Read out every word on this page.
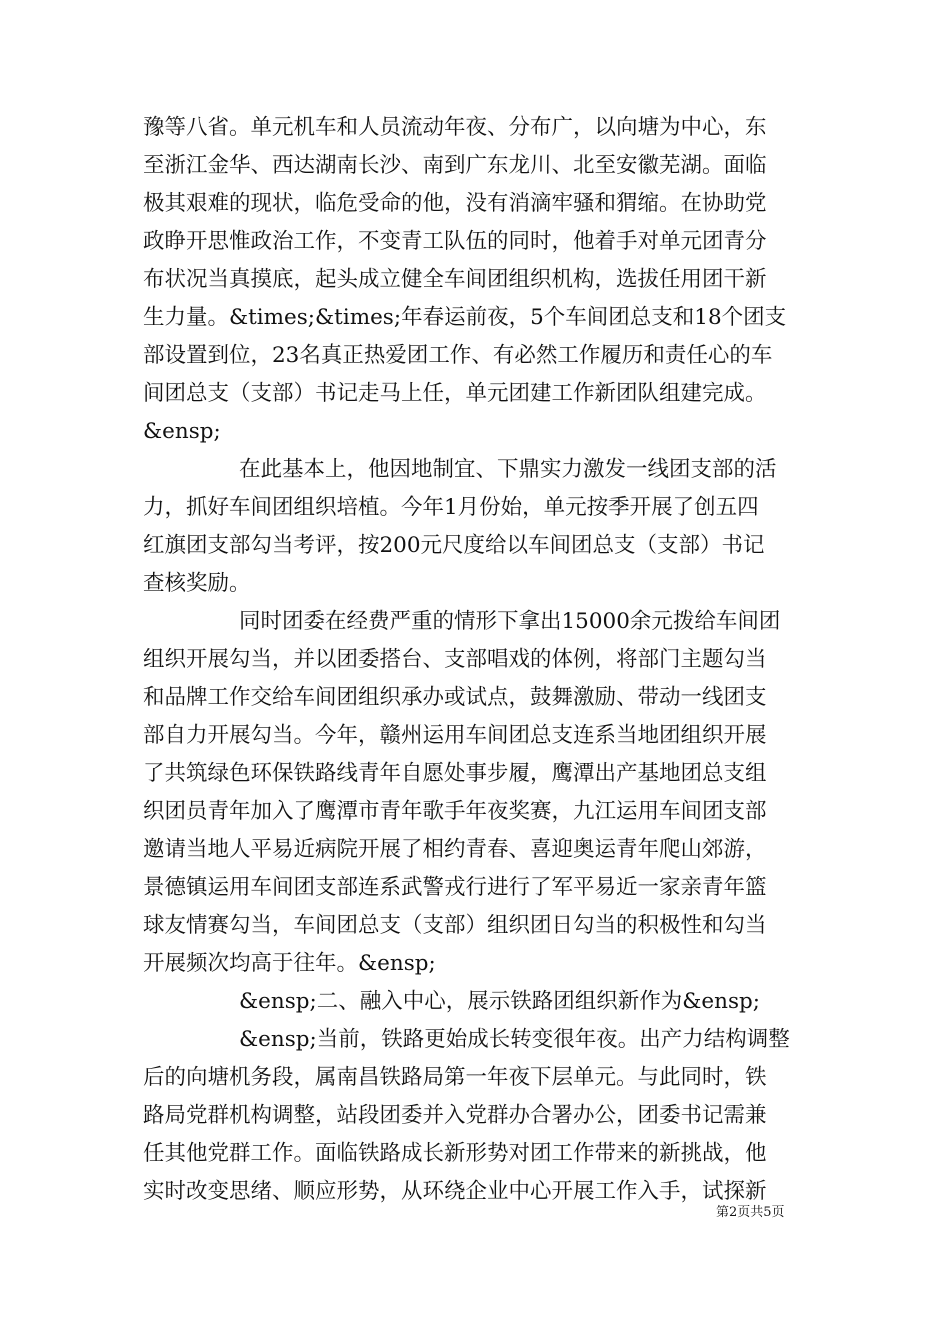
豫等八省。单元机车和人员流动年夜、分布广，以向塘为中心，东
至浙江金华、西达湖南长沙、南到广东龙川、北至安徽芜湖。面临
极其艰难的现状，临危受命的他，没有消滴牢骚和猬缩。在协助党
政睁开思惟政治工作，不变青工队伍的同时，他着手对单元团青分
布状况当真摸底，起头成立健全车间团组织机构，选拔任用团干新
生力量。&times;&times;年春运前夜，5个车间团总支和18个团支
部设置到位，23名真正热爱团工作、有必然工作履历和责任心的车
间团总支（支部）书记走马上任，单元团建工作新团队组建完成。
&ensp;
在此基本上，他因地制宜、下鼎实力激发一线团支部的活
力，抓好车间团组织培植。今年1月份始，单元按季开展了创五四
红旗团支部勾当考评，按200元尺度给以车间团总支（支部）书记
查核奖励。
同时团委在经费严重的情形下拿出15000余元拨给车间团
组织开展勾当，并以团委搭台、支部唱戏的体例，将部门主题勾当
和品牌工作交给车间团组织承办或试点，鼓舞激励、带动一线团支
部自力开展勾当。今年，赣州运用车间团总支连系当地团组织开展
了共筑绿色环保铁路线青年自愿处事步履，鹰潭出产基地团总支组
织团员青年加入了鹰潭市青年歌手年夜奖赛，九江运用车间团支部
邀请当地人平易近病院开展了相约青春、喜迎奥运青年爬山郊游，
景德镇运用车间团支部连系武警戎行进行了军平易近一家亲青年篮
球友情赛勾当，车间团总支（支部）组织团日勾当的积极性和勾当
开展频次均高于往年。&ensp;
&ensp;二、融入中心，展示铁路团组织新作为&ensp;
&ensp;当前，铁路更始成长转变很年夜。出产力结构调整
后的向塘机务段，属南昌铁路局第一年夜下层单元。与此同时，铁
路局党群机构调整，站段团委并入党群办合署办公，团委书记需兼
任其他党群工作。面临铁路成长新形势对团工作带来的新挑战，他
实时改变思绪、顺应形势，从环绕企业中心开展工作入手，试探新
第2页共5页
